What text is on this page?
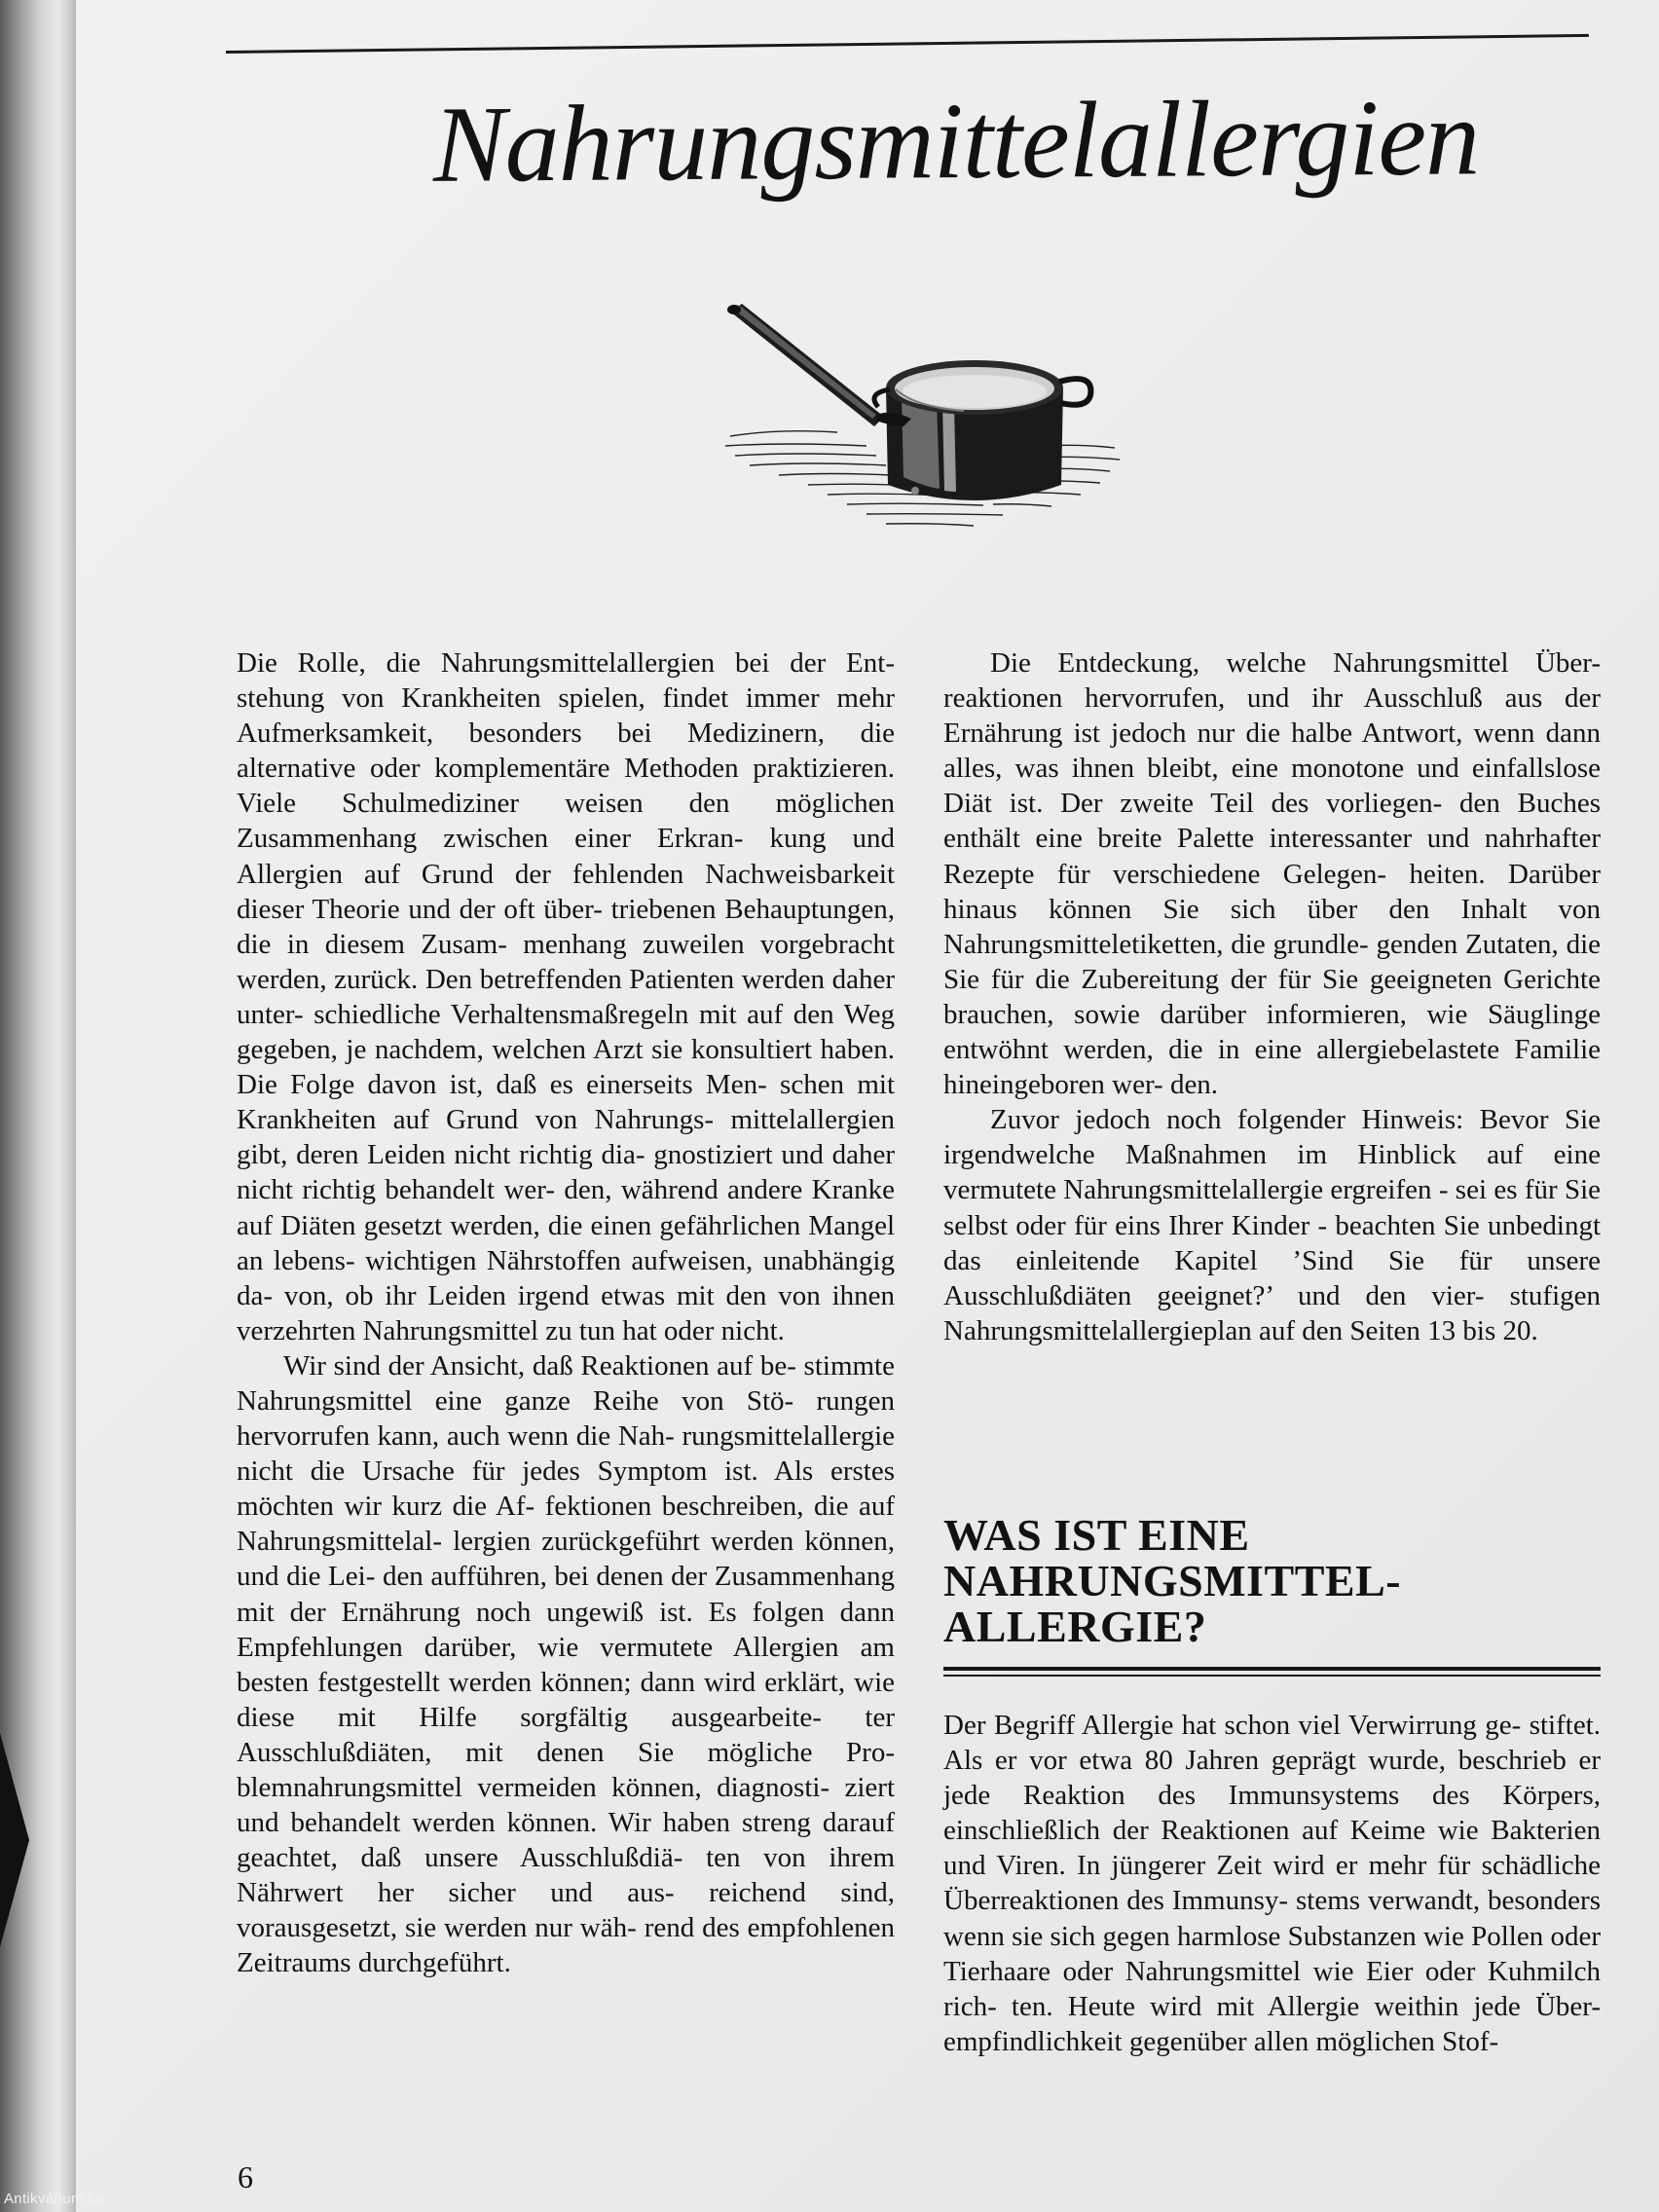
Nahrungsmittelallergien

Die Rolle, die Nahrungsmittelallergien bei der Ent- stehung von Krankheiten spielen, findet immer mehr Aufmerksamkeit, besonders bei Medizinern, die alternative oder komplementäre Methoden praktizieren. Viele Schulmediziner weisen den möglichen Zusammenhang zwischen einer Erkran- kung und Allergien auf Grund der fehlenden Nachweisbarkeit dieser Theorie und der oft über- triebenen Behauptungen, die in diesem Zusam- menhang zuweilen vorgebracht werden, zurück. Den betreffenden Patienten werden daher unter- schiedliche Verhaltensmaßregeln mit auf den Weg gegeben, je nachdem, welchen Arzt sie konsultiert haben. Die Folge davon ist, daß es einerseits Men- schen mit Krankheiten auf Grund von Nahrungs- mittelallergien gibt, deren Leiden nicht richtig dia- gnostiziert und daher nicht richtig behandelt wer- den, während andere Kranke auf Diäten gesetzt werden, die einen gefährlichen Mangel an lebens- wichtigen Nährstoffen aufweisen, unabhängig da- von, ob ihr Leiden irgend etwas mit den von ihnen verzehrten Nahrungsmittel zu tun hat oder nicht.

Wir sind der Ansicht, daß Reaktionen auf be- stimmte Nahrungsmittel eine ganze Reihe von Stö- rungen hervorrufen kann, auch wenn die Nah- rungsmittelallergie nicht die Ursache für jedes Symptom ist. Als erstes möchten wir kurz die Af- fektionen beschreiben, die auf Nahrungsmittelal- lergien zurückgeführt werden können, und die Lei- den aufführen, bei denen der Zusammenhang mit der Ernährung noch ungewiß ist. Es folgen dann Empfehlungen darüber, wie vermutete Allergien am besten festgestellt werden können; dann wird erklärt, wie diese mit Hilfe sorgfältig ausgearbeite- ter Ausschlußdiäten, mit denen Sie mögliche Pro- blemnahrungsmittel vermeiden können, diagnosti- ziert und behandelt werden können. Wir haben streng darauf geachtet, daß unsere Ausschlußdiä- ten von ihrem Nährwert her sicher und aus- reichend sind, vorausgesetzt, sie werden nur wäh- rend des empfohlenen Zeitraums durchgeführt.

Die Entdeckung, welche Nahrungsmittel Über- reaktionen hervorrufen, und ihr Ausschluß aus der Ernährung ist jedoch nur die halbe Antwort, wenn dann alles, was ihnen bleibt, eine monotone und einfallslose Diät ist. Der zweite Teil des vorliegen- den Buches enthält eine breite Palette interessanter und nahrhafter Rezepte für verschiedene Gelegen- heiten. Darüber hinaus können Sie sich über den Inhalt von Nahrungsmitteletiketten, die grundle- genden Zutaten, die Sie für die Zubereitung der für Sie geeigneten Gerichte brauchen, sowie darüber informieren, wie Säuglinge entwöhnt werden, die in eine allergiebelastete Familie hineingeboren wer- den.

Zuvor jedoch noch folgender Hinweis: Bevor Sie irgendwelche Maßnahmen im Hinblick auf eine vermutete Nahrungsmittelallergie ergreifen - sei es für Sie selbst oder für eins Ihrer Kinder - beachten Sie unbedingt das einleitende Kapitel ’Sind Sie für unsere Ausschlußdiäten geeignet?’ und den vier- stufigen Nahrungsmittelallergieplan auf den Seiten 13 bis 20.

WAS IST EINE
NAHRUNGSMITTEL-
ALLERGIE?

Der Begriff Allergie hat schon viel Verwirrung ge- stiftet. Als er vor etwa 80 Jahren geprägt wurde, beschrieb er jede Reaktion des Immunsystems des Körpers, einschließlich der Reaktionen auf Keime wie Bakterien und Viren. In jüngerer Zeit wird er mehr für schädliche Überreaktionen des Immunsy- stems verwandt, besonders wenn sie sich gegen harmlose Substanzen wie Pollen oder Tierhaare oder Nahrungsmittel wie Eier oder Kuhmilch rich- ten. Heute wird mit Allergie weithin jede Über- empfindlichkeit gegenüber allen möglichen Stof-

6
Antikvárium.hu
